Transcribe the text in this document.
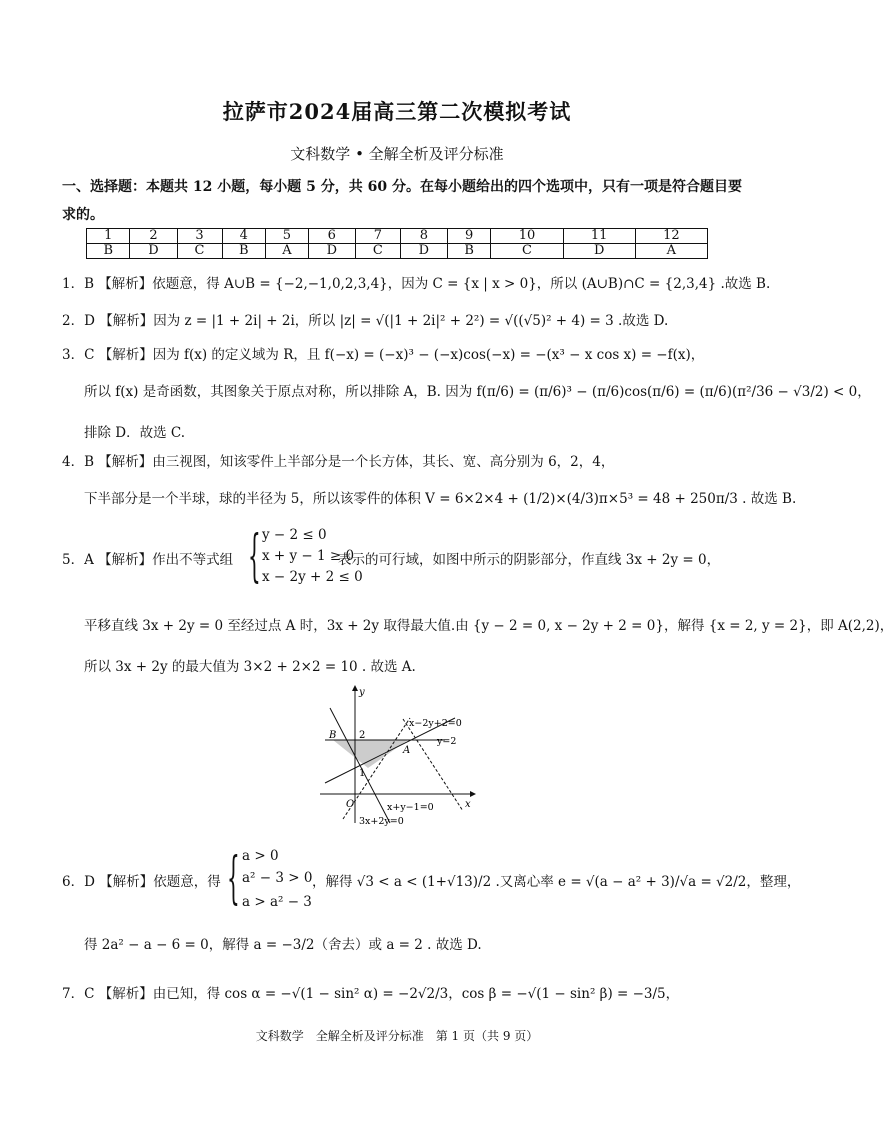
拉萨市2024届高三第二次模拟考试
文科数学 • 全解全析及评分标准
一、选择题：本题共 12 小题，每小题 5 分，共 60 分。在每小题给出的四个选项中，只有一项是符合题目要求的。
1	2	3	4	5	6	7	8	9	10	11	12
B	D	C	B	A	D	C	D	B	C	D	A
1．B 【解析】依题意，得 A∪B = {−2,−1,0,2,3,4}，因为 C = {x | x > 0}，所以 (A∪B)∩C = {2,3,4} .故选 B.
2．D 【解析】因为 z = |1 + 2i| + 2i，所以 |z| = √(|1 + 2i|² + 2²) = √((√5)² + 4) = 3 .故选 D.
3．C 【解析】因为 f(x) 的定义域为 R，且 f(−x) = (−x)³ − (−x)cos(−x) = −(x³ − x cos x) = −f(x)，
所以 f(x) 是奇函数，其图象关于原点对称，所以排除 A，B. 因为 f(π/6) = (π/6)³ − (π/6)cos(π/6) = (π/6)(π²/36 − √3/2) < 0，
排除 D．故选 C.
4．B 【解析】由三视图，知该零件上半部分是一个长方体，其长、宽、高分别为 6，2，4，
下半部分是一个半球，球的半径为 5，所以该零件的体积 V = 6×2×4 + (1/2)×(4/3)π×5³ = 48 + 250π/3 . 故选 B.
5．A 【解析】作出不等式组 { y − 2 ≤ 0
x + y − 1 ≥ 0
x − 2y + 2 ≤ 0
表示的可行域，如图中所示的阴影部分，作直线 3x + 2y = 0，
平移直线 3x + 2y = 0 至经过点 A 时，3x + 2y 取得最大值.由 {y − 2 = 0, x − 2y + 2 = 0}，解得 {x = 2, y = 2}，即 A(2,2)，
所以 3x + 2y 的最大值为 3×2 + 2×2 = 10 . 故选 A.
y
x
O
B
A
2
1
x−2y+2=0
y=2
x+y−1=0
3x+2y=0
6．D 【解析】依题意，得 { a > 0
a² − 3 > 0
a > a² − 3
，解得 √3 < a < (1+√13)/2 .又离心率 e = √(a − a² + 3)/√a = √2/2，整理，
得 2a² − a − 6 = 0，解得 a = −3/2（舍去）或 a = 2 . 故选 D.
7．C 【解析】由已知，得 cos α = −√(1 − sin² α) = −2√2/3，cos β = −√(1 − sin² β) = −3/5，
文科数学　全解全析及评分标准　第 1 页（共 9 页）
